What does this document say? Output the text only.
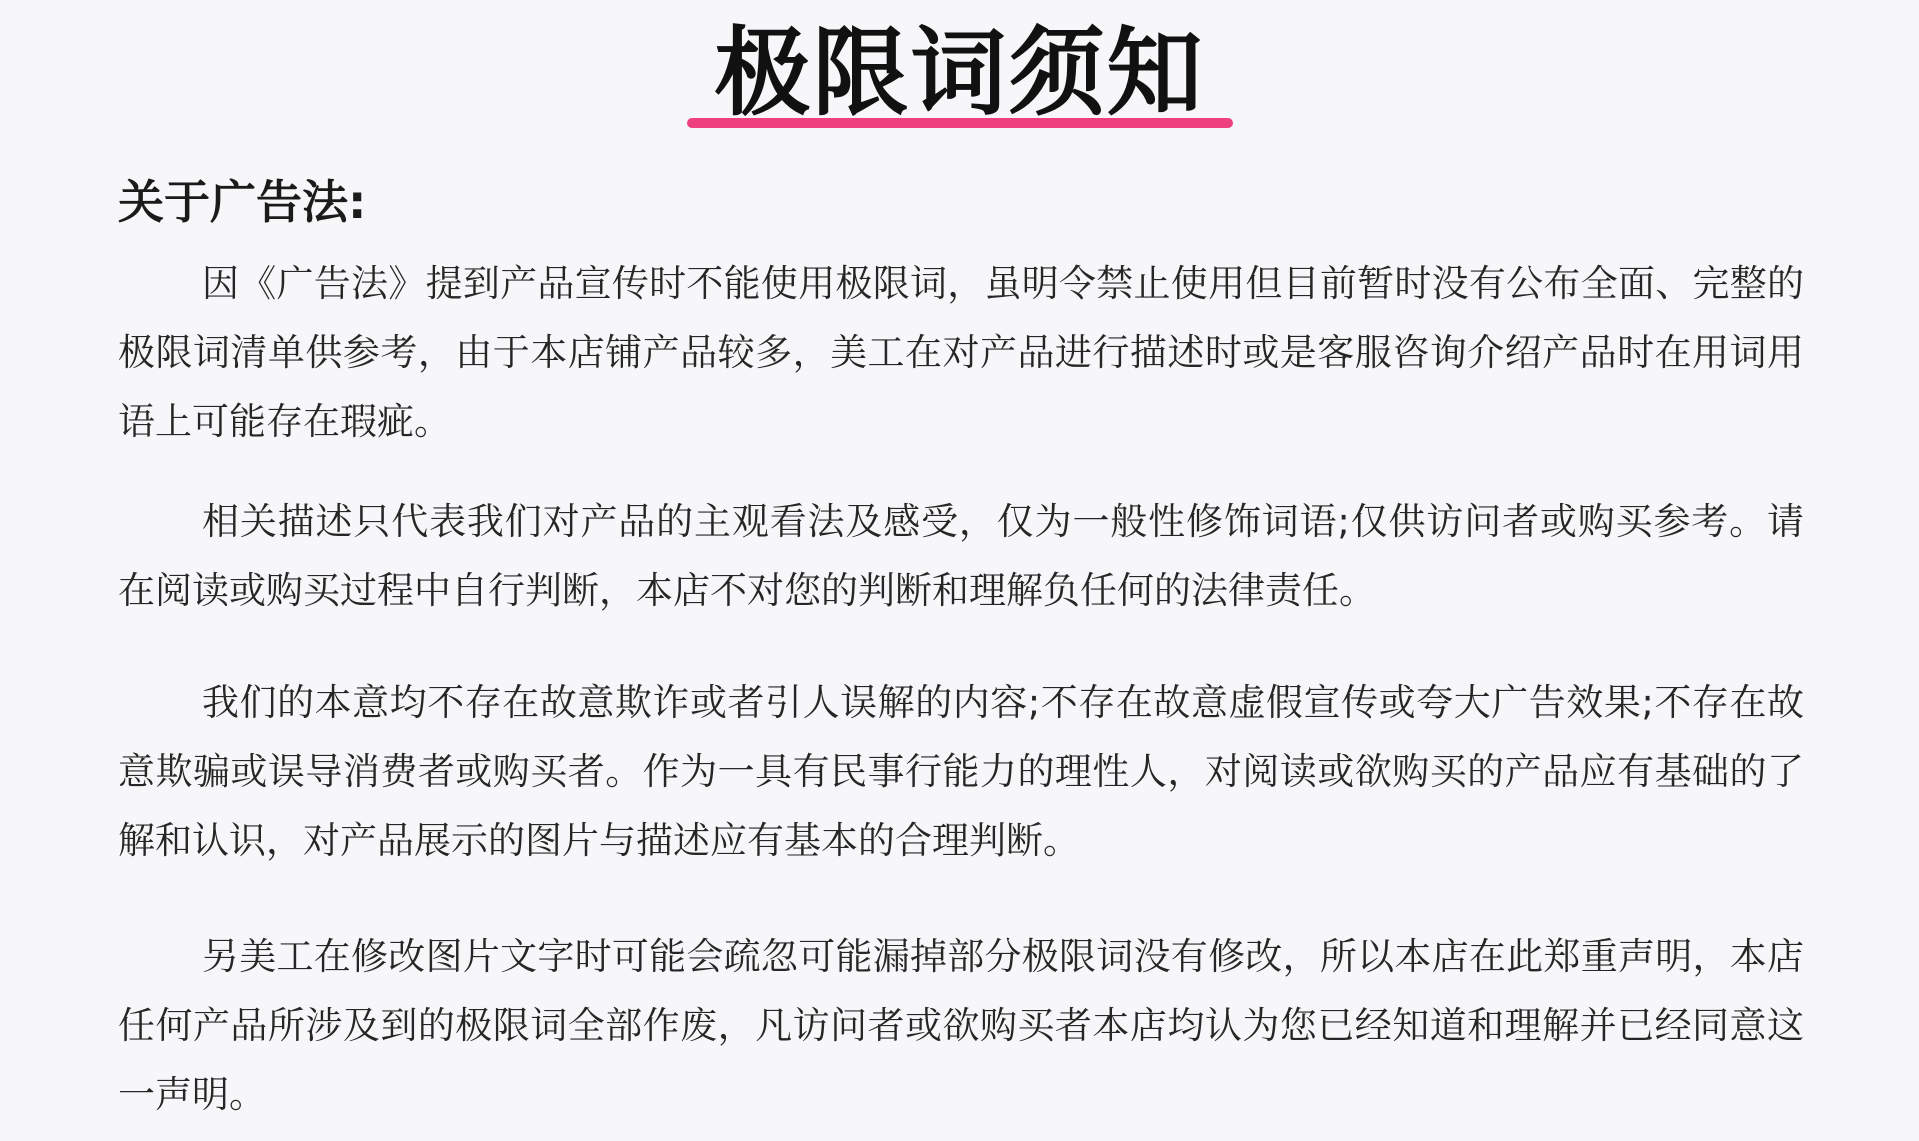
极限词须知
关于广告法:

因《广告法》提到产品宣传时不能使用极限词，虽明令禁止使用但目前暂时没有公布全面、完整的极限词清单供参考，由于本店铺产品较多，美工在对产品进行描述时或是客服咨询介绍产品时在用词用语上可能存在瑕疵。

相关描述只代表我们对产品的主观看法及感受，仅为一般性修饰词语;仅供访问者或购买参考。请在阅读或购买过程中自行判断，本店不对您的判断和理解负任何的法律责任。

我们的本意均不存在故意欺诈或者引人误解的内容;不存在故意虚假宣传或夸大广告效果;不存在故意欺骗或误导消费者或购买者。作为一具有民事行能力的理性人，对阅读或欲购买的产品应有基础的了解和认识，对产品展示的图片与描述应有基本的合理判断。

另美工在修改图片文字时可能会疏忽可能漏掉部分极限词没有修改，所以本店在此郑重声明，本店任何产品所涉及到的极限词全部作废，凡访问者或欲购买者本店均认为您已经知道和理解并已经同意这一声明。
